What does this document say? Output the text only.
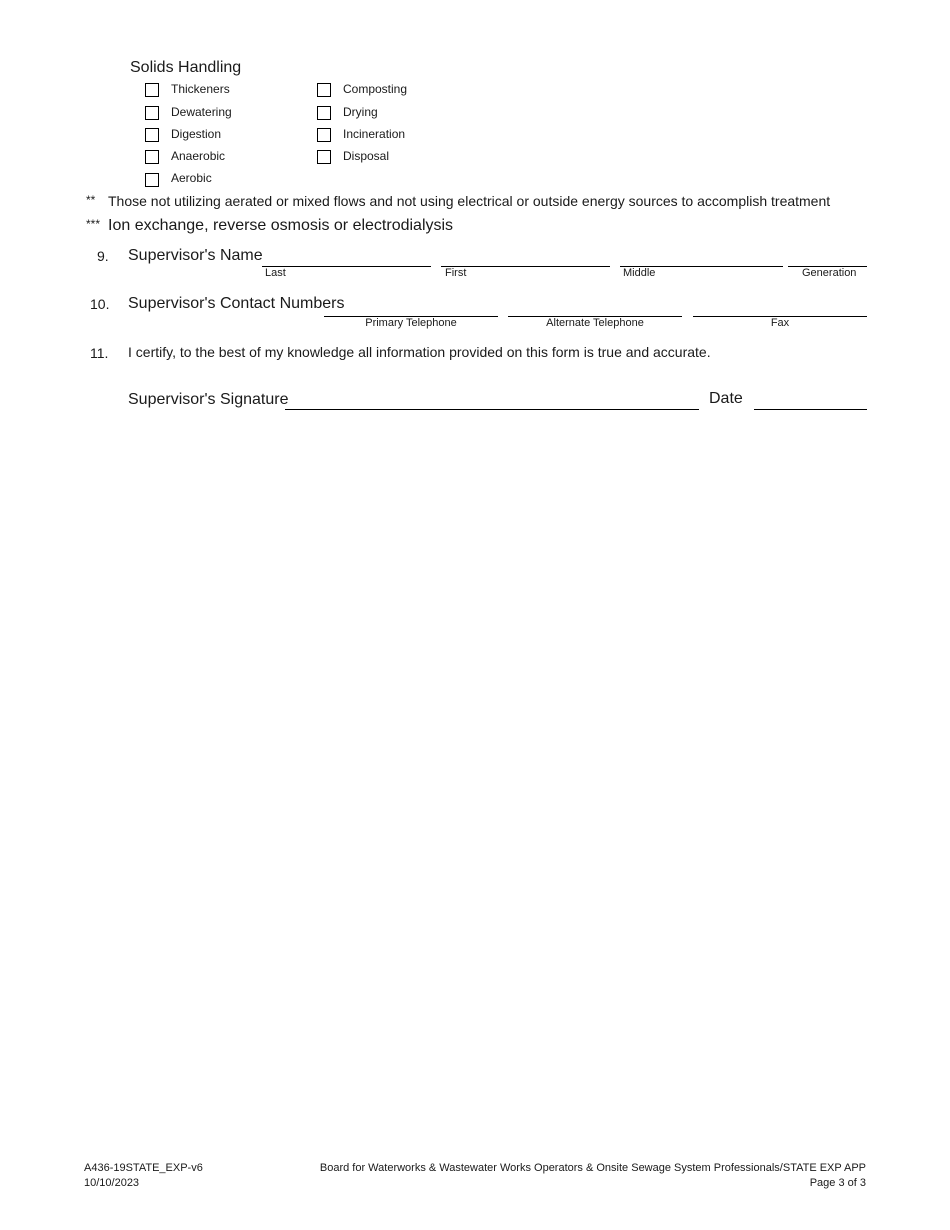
Solids Handling
Thickeners
Dewatering
Digestion
Anaerobic
Aerobic
Composting
Drying
Incineration
Disposal
** Those not utilizing aerated or mixed flows and not using electrical or outside energy sources to accomplish treatment
*** Ion exchange, reverse osmosis or electrodialysis
9. Supervisor's Name
Last	First	Middle	Generation
10. Supervisor's Contact Numbers
Primary Telephone	Alternate Telephone	Fax
11. I certify, to the best of my knowledge all information provided on this form is true and accurate.
Supervisor's Signature	Date
A436-19STATE_EXP-v6
10/10/2023
Board for Waterworks & Wastewater Works Operators & Onsite Sewage System Professionals/STATE EXP APP
Page 3 of 3
